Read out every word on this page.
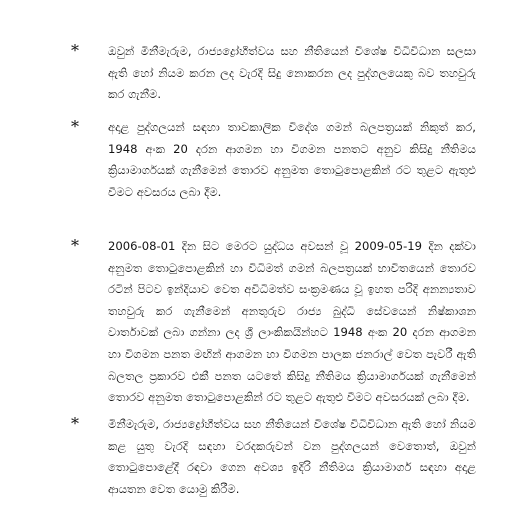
*	ඔවුන් මිනීමැරුම, රාජ්‍යද්‍රෝහීත්වය සහ නීතියෙන් විශේෂ විධිවිධාන සලසා ඇති හෝ නියම කරන ලද වැරදි සිදු නොකරන ලද පුද්ගලයෙකු බව තහවුරු කර ගැනීම.
*	අදාළ පුද්ගලයන් සඳහා තාවකාලික විදේශ ගමන් බලපත්‍රයක් නිකුත් කර, 1948 අංක 20 දරන ආගමන හා විගමන පනතට අනුව කිසිදු නීතිමය ක්‍රියාමාර්ගයක් ගැනීමෙන් තොරව අනුමත තොටුපොළකින් රට තුළට ඇතුළු වීමට අවසරය ලබා දීම.
*	2006-08-01 දින සිට මෙරට යුද්ධය අවසන් වූ 2009-05-19 දින දක්වා අනුමත තොටුපොළකින් හා විධිමත් ගමන් බලපත්‍රයක් භාවිතයෙන් තොරව රටින් පිටව ඉන්දියාව වෙත අවිධිමත්ව සංක්‍රමණය වූ ඉහත පරිදි අනන්‍යතාව තහවුරු කර ගැනීමෙන් අනතුරුව රාජ්‍ය බුද්ධි සේවයෙන් නිෂ්කාශන වාර්තාවක් ලබා ගන්නා ලද ශ්‍රී ලාංකිකයින්හට 1948 අංක 20 දරන ආගමන හා විගමන පනත මඟින් ආගමන හා විගමන පාලක ජනරාල් වෙත පැවරී ඇති බලතල ප්‍රකාරව එකී පනත යටතේ කිසිදු නීතිමය ක්‍රියාමාර්ගයක් ගැනීමෙන් තොරව අනුමත තොටුපොළකින් රට තුළට ඇතුළු වීමට අවසරයක් ලබා දීම.
*	මිනීමැරුම, රාජ්‍යද්‍රෝහීත්වය සහ නීතියෙන් විශේෂ විධිවිධාන ඇති හෝ නියම කළ යුතු වැරදි සඳහා වරදකරුවන් වන පුද්ගලයන් වෙතොත්, ඔවුන් තොටුපොළේදී රඳවා ගෙන අවශ්‍ය ඉදිරි නීතිමය ක්‍රියාමාර්ග සඳහා අදාළ ආයතන වෙත යොමු කිරීම.
